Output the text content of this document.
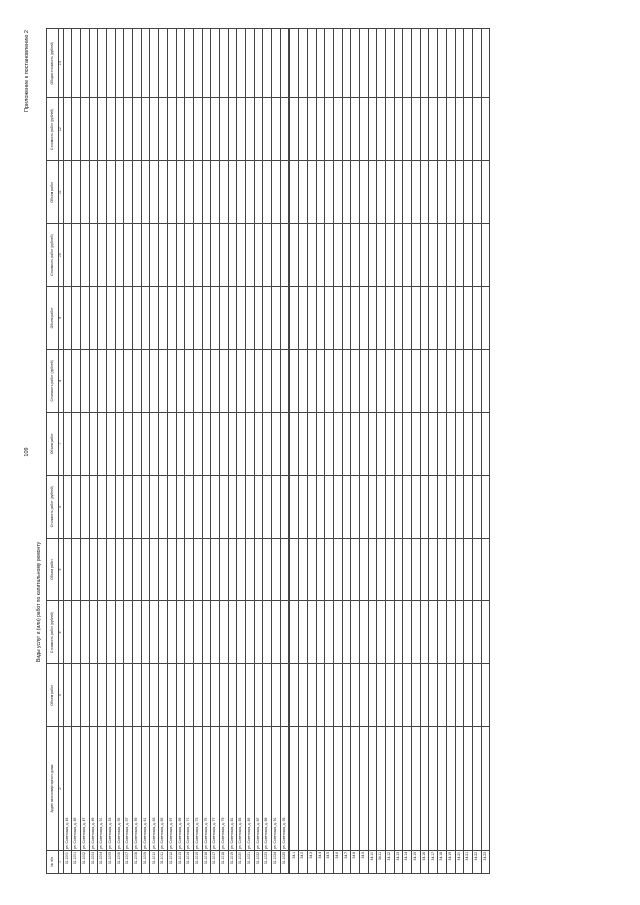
Приложение к постановлению 2
109
Виды услуг и (или) работ по капитальному ремонту
№ п/п	Адрес многоквартирного дома	Объем работ	Стоимость работ (рублей)	Объем работ	Стоимость работ (рублей)	Объем работ	Стоимость работ (рублей)	Объем работ	Стоимость работ (рублей)	Объем работ	Стоимость работ (рублей)	Общая стоимость (рублей)
1	2	3	4	5	6	7	8	9	10	11	12	13
31.1000	ул. Советская, д. 43											
31.1001	ул. Советская, д. 45											
31.1002	ул. Советская, д. 47											
31.1003	ул. Советская, д. 49											
31.1004	ул. Советская, д. 51											
31.1005	ул. Советская, д. 53											
31.1006	ул. Советская, д. 55											
31.1007	ул. Советская, д. 57											
31.1008	ул. Советская, д. 59											
31.1009	ул. Советская, д. 61											
31.1010	ул. Советская, д. 63											
31.1011	ул. Советская, д. 65											
31.1012	ул. Советская, д. 67											
31.1013	ул. Советская, д. 69											
31.1014	ул. Советская, д. 71											
31.1015	ул. Советская, д. 73											
31.1016	ул. Советская, д. 75											
31.1017	ул. Советская, д. 77											
31.1018	ул. Советская, д. 79											
31.1019	ул. Советская, д. 81											
31.1020	ул. Советская, д. 83											
31.1021	ул. Советская, д. 85											
31.1022	ул. Советская, д. 87											
31.1023	ул. Советская, д. 89											
31.1024	ул. Советская, д. 91											
31.1025	ул. Советская, д. 93											

34.1												
34.2												
34.3												
34.4												
34.5												
34.6												
34.7												
34.8												
34.9												
34.10												
34.11												
34.12												
34.13												
34.14												
34.15												
34.16												
34.17												
34.18												
34.19												
34.20												
34.21												
34.22												
34.23												
